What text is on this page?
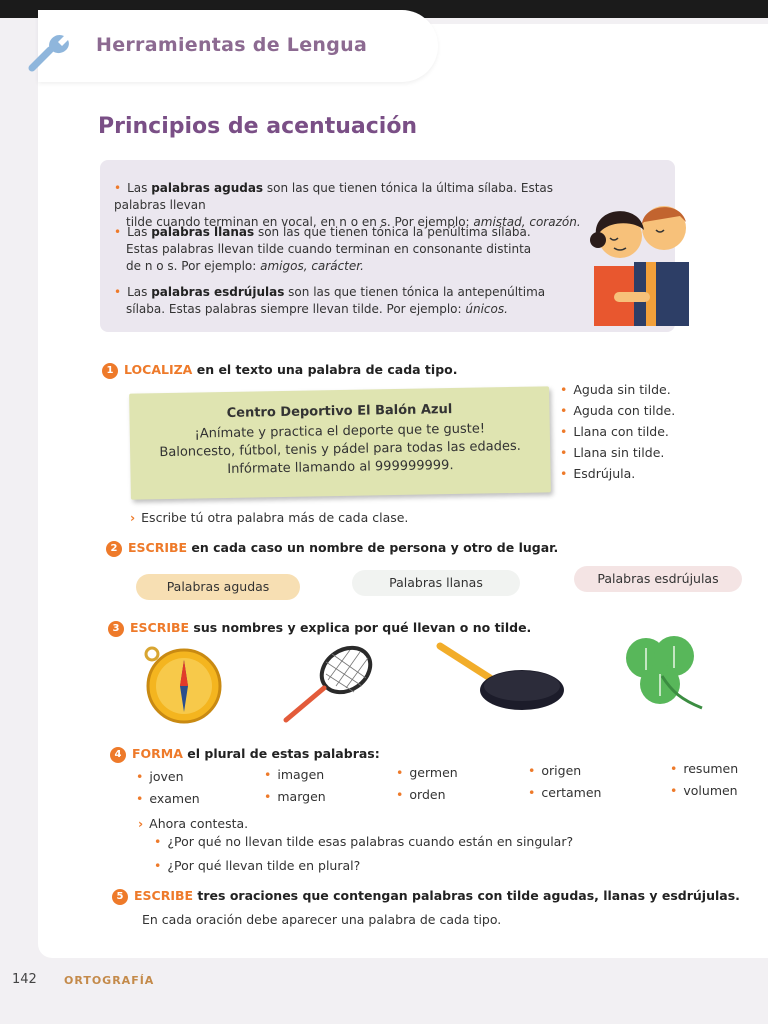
Herramientas de Lengua
Principios de acentuación
• Las palabras agudas son las que tienen tónica la última sílaba. Estas palabras llevan
tilde cuando terminan en vocal, en n o en s. Por ejemplo: amistad, corazón.
• Las palabras llanas son las que tienen tónica la penúltima sílaba.
Estas palabras llevan tilde cuando terminan en consonante distinta
de n o s. Por ejemplo: amigos, carácter.
• Las palabras esdrújulas son las que tienen tónica la antepenúltima
sílaba. Estas palabras siempre llevan tilde. Por ejemplo: únicos.
1 LOCALIZA en el texto una palabra de cada tipo.
Centro Deportivo El Balón Azul
¡Anímate y practica el deporte que te guste!
Baloncesto, fútbol, tenis y pádel para todas las edades.
Infórmate llamando al 999999999.
• Aguda sin tilde.
• Aguda con tilde.
• Llana con tilde.
• Llana sin tilde.
• Esdrújula.
› Escribe tú otra palabra más de cada clase.
2 ESCRIBE en cada caso un nombre de persona y otro de lugar.
Palabras agudas	Palabras llanas	Palabras esdrújulas
3 ESCRIBE sus nombres y explica por qué llevan o no tilde.
4 FORMA el plural de estas palabras:
• joven
• examen
• imagen
• margen
• germen
• orden
• origen
• certamen
• resumen
• volumen
› Ahora contesta.
• ¿Por qué no llevan tilde esas palabras cuando están en singular?
• ¿Por qué llevan tilde en plural?
5 ESCRIBE tres oraciones que contengan palabras con tilde agudas, llanas y esdrújulas.
En cada oración debe aparecer una palabra de cada tipo.
142 ORTOGRAFÍA
